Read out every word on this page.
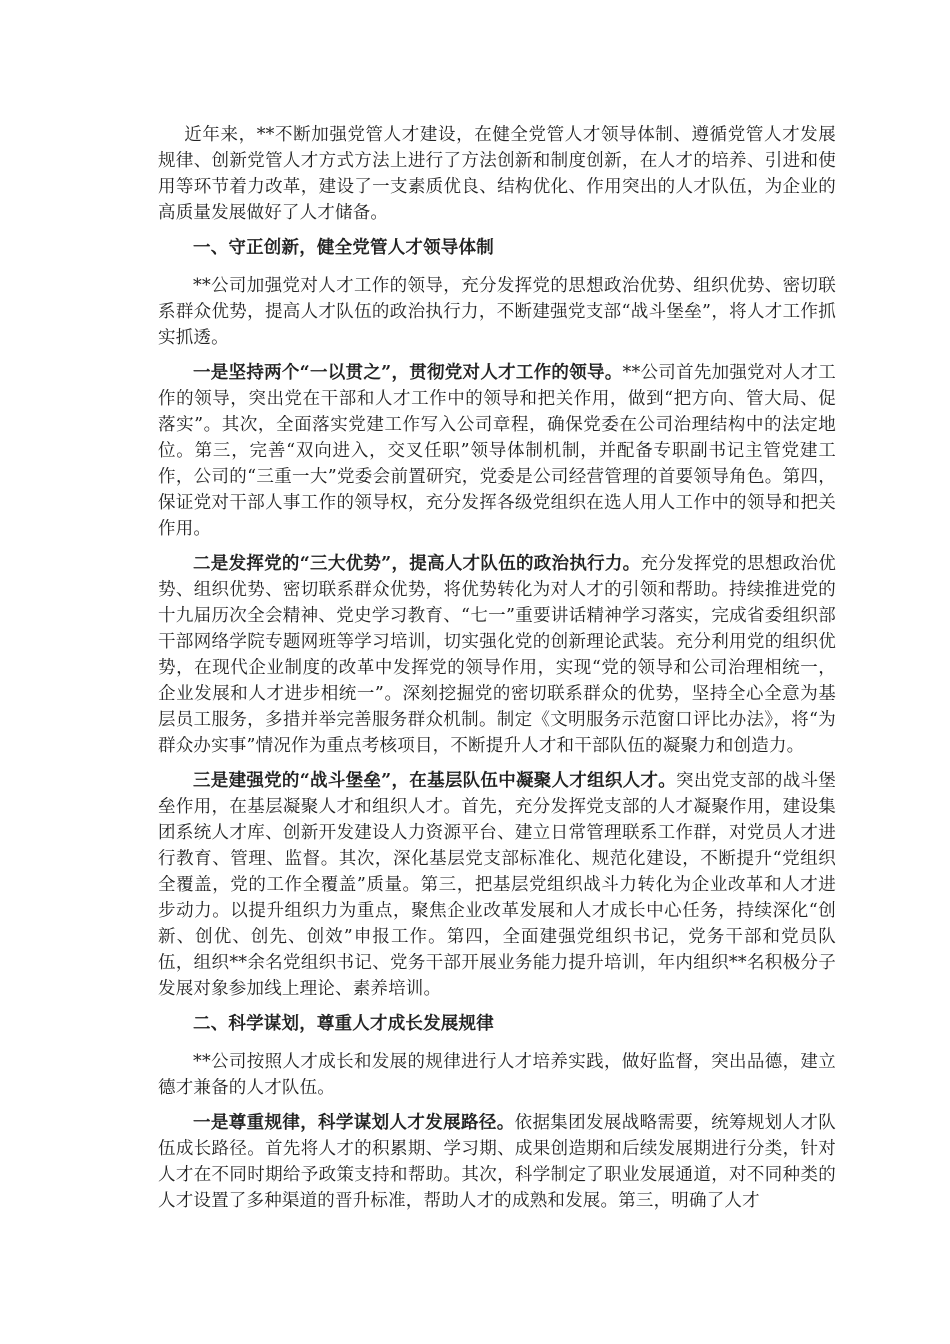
近年来，**不断加强党管人才建设，在健全党管人才领导体制、遵循党管人才发展规律、创新党管人才方式方法上进行了方法创新和制度创新，在人才的培养、引进和使用等环节着力改革，建设了一支素质优良、结构优化、作用突出的人才队伍，为企业的高质量发展做好了人才储备。

一、守正创新，健全党管人才领导体制

**公司加强党对人才工作的领导，充分发挥党的思想政治优势、组织优势、密切联系群众优势，提高人才队伍的政治执行力，不断建强党支部“战斗堡垒”，将人才工作抓实抓透。

一是坚持两个“一以贯之”，贯彻党对人才工作的领导。**公司首先加强党对人才工作的领导，突出党在干部和人才工作中的领导和把关作用，做到“把方向、管大局、促落实”。其次，全面落实党建工作写入公司章程，确保党委在公司治理结构中的法定地位。第三，完善“双向进入，交叉任职”领导体制机制，并配备专职副书记主管党建工作，公司的“三重一大”党委会前置研究，党委是公司经营管理的首要领导角色。第四，保证党对干部人事工作的领导权，充分发挥各级党组织在选人用人工作中的领导和把关作用。

二是发挥党的“三大优势”，提高人才队伍的政治执行力。充分发挥党的思想政治优势、组织优势、密切联系群众优势，将优势转化为对人才的引领和帮助。持续推进党的十九届历次全会精神、党史学习教育、“七一”重要讲话精神学习落实，完成省委组织部干部网络学院专题网班等学习培训，切实强化党的创新理论武装。充分利用党的组织优势，在现代企业制度的改革中发挥党的领导作用，实现“党的领导和公司治理相统一，企业发展和人才进步相统一”。深刻挖掘党的密切联系群众的优势，坚持全心全意为基层员工服务，多措并举完善服务群众机制。制定《文明服务示范窗口评比办法》，将“为群众办实事”情况作为重点考核项目，不断提升人才和干部队伍的凝聚力和创造力。

三是建强党的“战斗堡垒”，在基层队伍中凝聚人才组织人才。突出党支部的战斗堡垒作用，在基层凝聚人才和组织人才。首先，充分发挥党支部的人才凝聚作用，建设集团系统人才库、创新开发建设人力资源平台、建立日常管理联系工作群，对党员人才进行教育、管理、监督。其次，深化基层党支部标准化、规范化建设，不断提升“党组织全覆盖，党的工作全覆盖”质量。第三，把基层党组织战斗力转化为企业改革和人才进步动力。以提升组织力为重点，聚焦企业改革发展和人才成长中心任务，持续深化“创新、创优、创先、创效”申报工作。第四，全面建强党组织书记，党务干部和党员队伍，组织**余名党组织书记、党务干部开展业务能力提升培训，年内组织**名积极分子发展对象参加线上理论、素养培训。

二、科学谋划，尊重人才成长发展规律

**公司按照人才成长和发展的规律进行人才培养实践，做好监督，突出品德，建立德才兼备的人才队伍。

一是尊重规律，科学谋划人才发展路径。依据集团发展战略需要，统筹规划人才队伍成长路径。首先将人才的积累期、学习期、成果创造期和后续发展期进行分类，针对人才在不同时期给予政策支持和帮助。其次，科学制定了职业发展通道，对不同种类的人才设置了多种渠道的晋升标准，帮助人才的成熟和发展。第三，明确了人才
